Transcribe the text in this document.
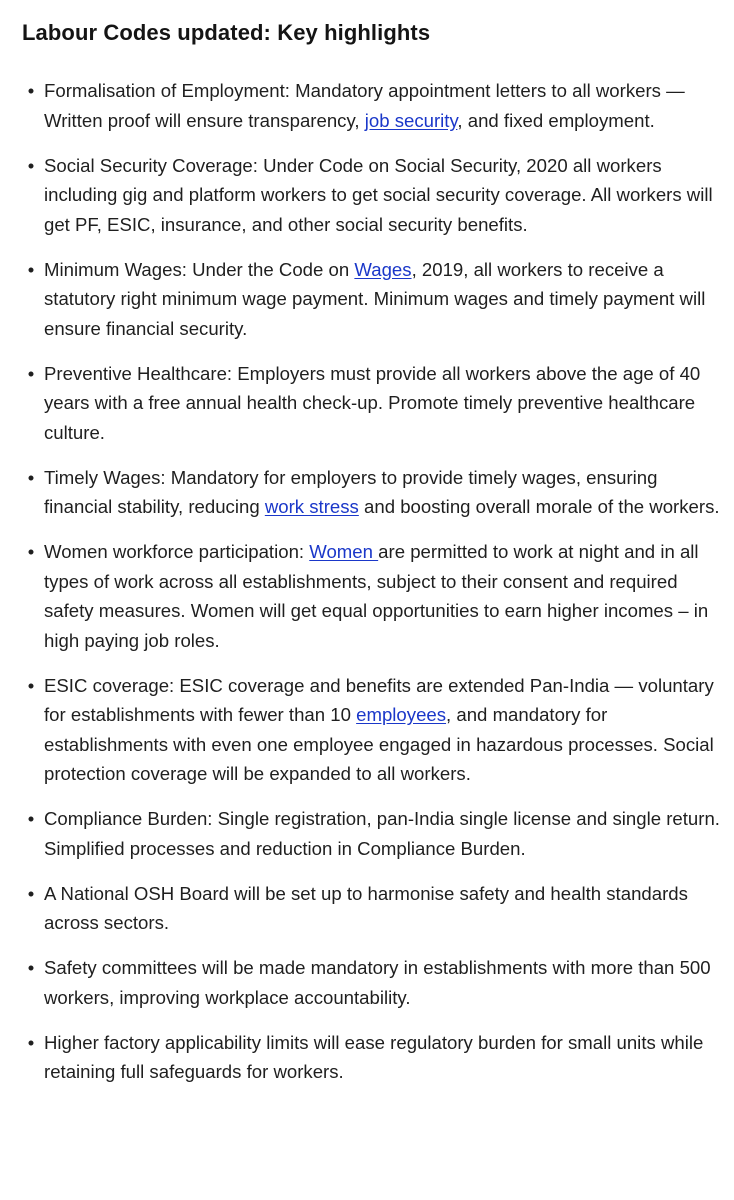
Labour Codes updated: Key highlights
• Formalisation of Employment: Mandatory appointment letters to all workers — Written proof will ensure transparency, job security, and fixed employment.
• Social Security Coverage: Under Code on Social Security, 2020 all workers including gig and platform workers to get social security coverage. All workers will get PF, ESIC, insurance, and other social security benefits.
• Minimum Wages: Under the Code on Wages, 2019, all workers to receive a statutory right minimum wage payment. Minimum wages and timely payment will ensure financial security.
• Preventive Healthcare: Employers must provide all workers above the age of 40 years with a free annual health check-up. Promote timely preventive healthcare culture.
• Timely Wages: Mandatory for employers to provide timely wages, ensuring financial stability, reducing work stress and boosting overall morale of the workers.
• Women workforce participation: Women are permitted to work at night and in all types of work across all establishments, subject to their consent and required safety measures. Women will get equal opportunities to earn higher incomes – in high paying job roles.
• ESIC coverage: ESIC coverage and benefits are extended Pan-India — voluntary for establishments with fewer than 10 employees, and mandatory for establishments with even one employee engaged in hazardous processes. Social protection coverage will be expanded to all workers.
• Compliance Burden: Single registration, pan-India single license and single return. Simplified processes and reduction in Compliance Burden.
• A National OSH Board will be set up to harmonise safety and health standards across sectors.
• Safety committees will be made mandatory in establishments with more than 500 workers, improving workplace accountability.
• Higher factory applicability limits will ease regulatory burden for small units while retaining full safeguards for workers.
